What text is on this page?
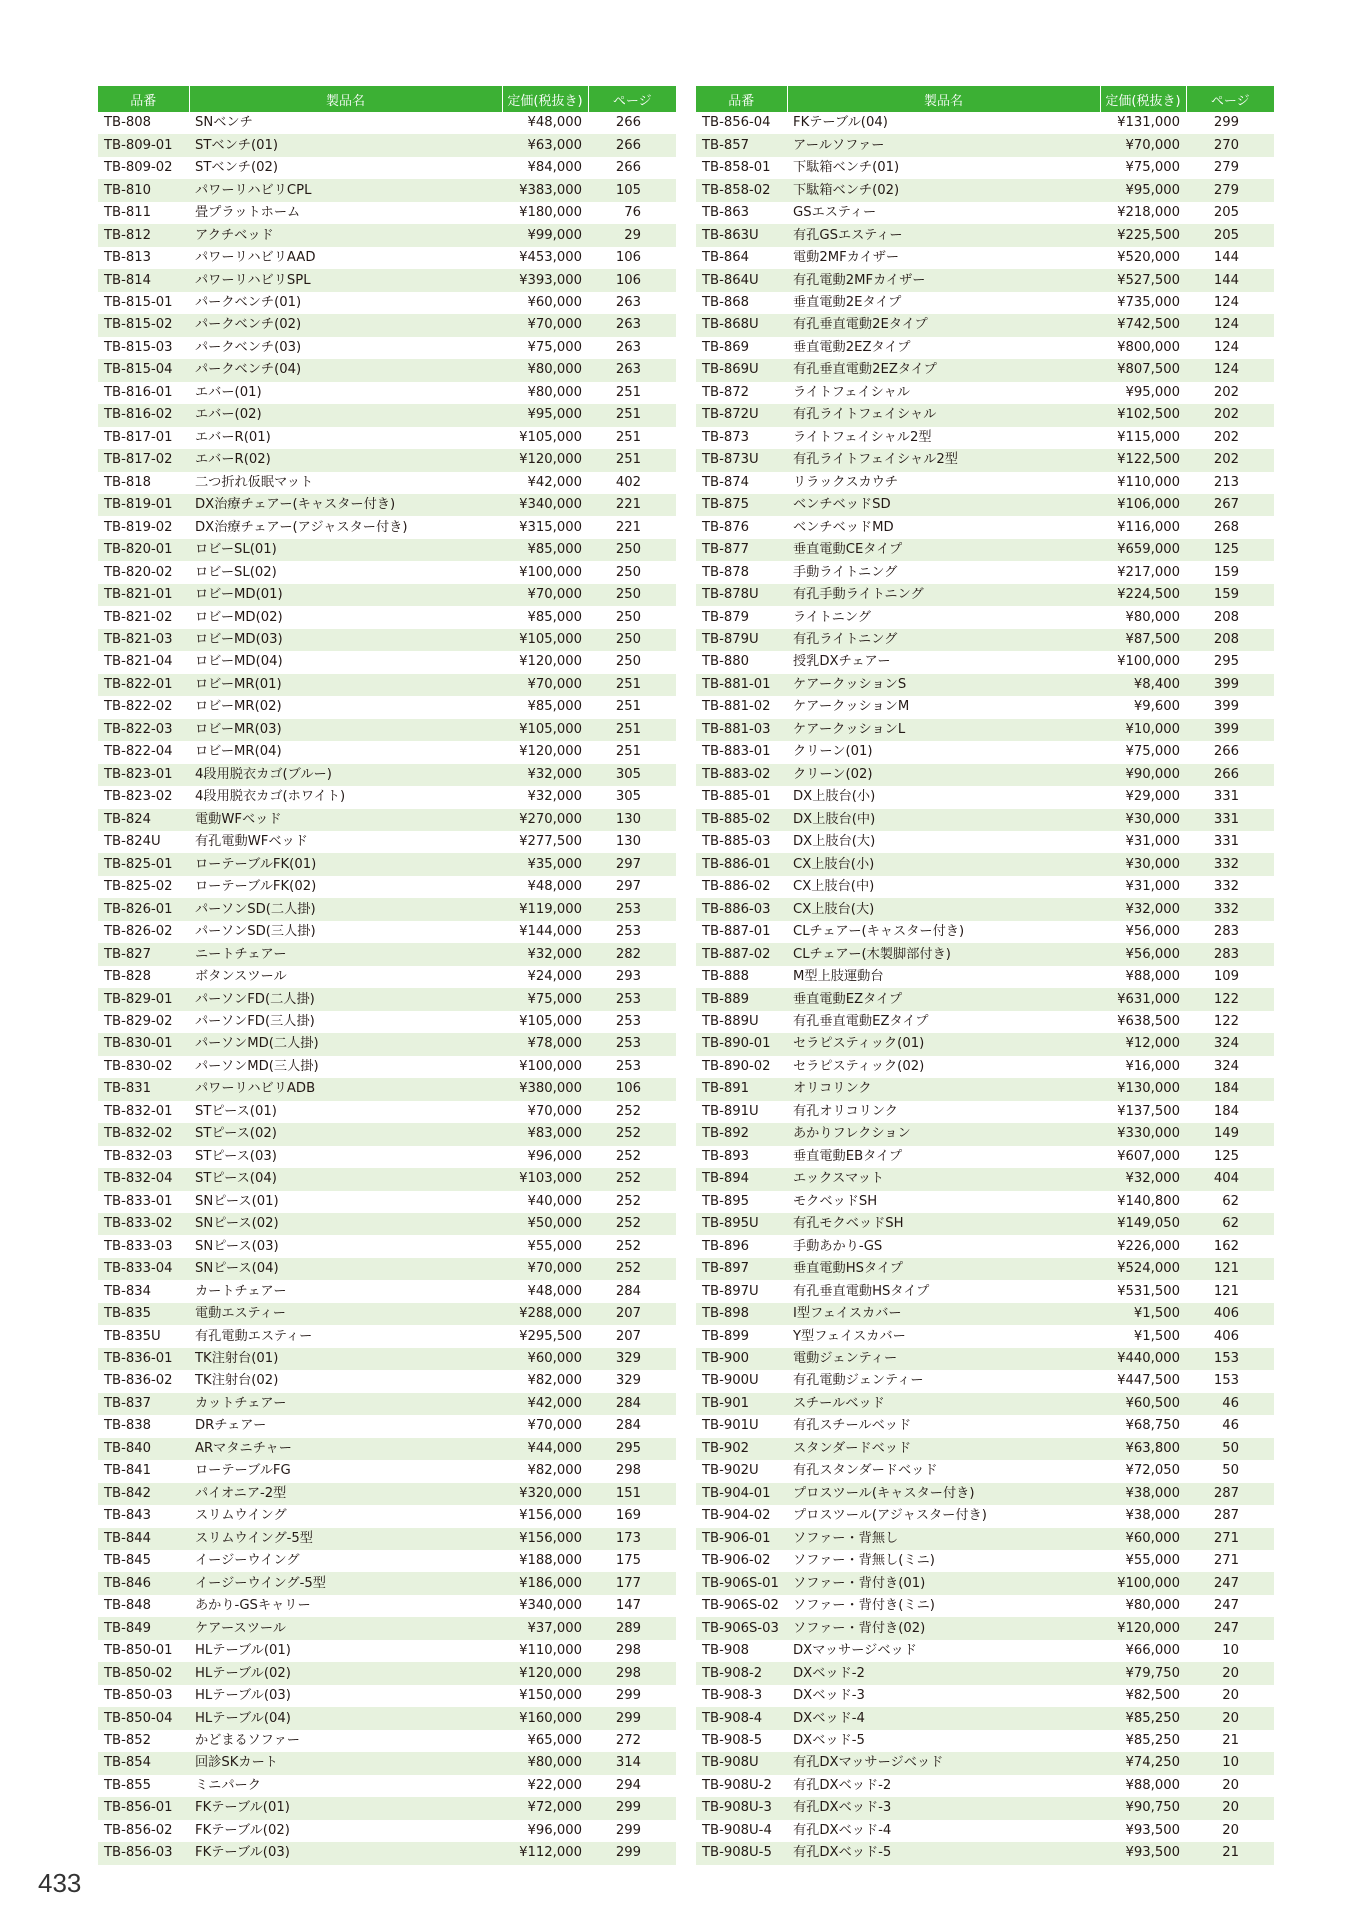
品番	製品名	定価(税抜き)	ページ
TB-808	SNベンチ	¥48,000	266
TB-809-01	STベンチ(01)	¥63,000	266
TB-809-02	STベンチ(02)	¥84,000	266
TB-810	パワーリハビリCPL	¥383,000	105
TB-811	畳プラットホーム	¥180,000	76
TB-812	アクチベッド	¥99,000	29
TB-813	パワーリハビリAAD	¥453,000	106
TB-814	パワーリハビリSPL	¥393,000	106
TB-815-01	パークベンチ(01)	¥60,000	263
TB-815-02	パークベンチ(02)	¥70,000	263
TB-815-03	パークベンチ(03)	¥75,000	263
TB-815-04	パークベンチ(04)	¥80,000	263
TB-816-01	エバー(01)	¥80,000	251
TB-816-02	エバー(02)	¥95,000	251
TB-817-01	エバーR(01)	¥105,000	251
TB-817-02	エバーR(02)	¥120,000	251
TB-818	二つ折れ仮眠マット	¥42,000	402
TB-819-01	DX治療チェアー(キャスター付き)	¥340,000	221
TB-819-02	DX治療チェアー(アジャスター付き)	¥315,000	221
TB-820-01	ロビーSL(01)	¥85,000	250
TB-820-02	ロビーSL(02)	¥100,000	250
TB-821-01	ロビーMD(01)	¥70,000	250
TB-821-02	ロビーMD(02)	¥85,000	250
TB-821-03	ロビーMD(03)	¥105,000	250
TB-821-04	ロビーMD(04)	¥120,000	250
TB-822-01	ロビーMR(01)	¥70,000	251
TB-822-02	ロビーMR(02)	¥85,000	251
TB-822-03	ロビーMR(03)	¥105,000	251
TB-822-04	ロビーMR(04)	¥120,000	251
TB-823-01	4段用脱衣カゴ(ブルー)	¥32,000	305
TB-823-02	4段用脱衣カゴ(ホワイト)	¥32,000	305
TB-824	電動WFベッド	¥270,000	130
TB-824U	有孔電動WFベッド	¥277,500	130
TB-825-01	ローテーブルFK(01)	¥35,000	297
TB-825-02	ローテーブルFK(02)	¥48,000	297
TB-826-01	パーソンSD(二人掛)	¥119,000	253
TB-826-02	パーソンSD(三人掛)	¥144,000	253
TB-827	ニートチェアー	¥32,000	282
TB-828	ボタンスツール	¥24,000	293
TB-829-01	パーソンFD(二人掛)	¥75,000	253
TB-829-02	パーソンFD(三人掛)	¥105,000	253
TB-830-01	パーソンMD(二人掛)	¥78,000	253
TB-830-02	パーソンMD(三人掛)	¥100,000	253
TB-831	パワーリハビリADB	¥380,000	106
TB-832-01	STピース(01)	¥70,000	252
TB-832-02	STピース(02)	¥83,000	252
TB-832-03	STピース(03)	¥96,000	252
TB-832-04	STピース(04)	¥103,000	252
TB-833-01	SNピース(01)	¥40,000	252
TB-833-02	SNピース(02)	¥50,000	252
TB-833-03	SNピース(03)	¥55,000	252
TB-833-04	SNピース(04)	¥70,000	252
TB-834	カートチェアー	¥48,000	284
TB-835	電動エスティー	¥288,000	207
TB-835U	有孔電動エスティー	¥295,500	207
TB-836-01	TK注射台(01)	¥60,000	329
TB-836-02	TK注射台(02)	¥82,000	329
TB-837	カットチェアー	¥42,000	284
TB-838	DRチェアー	¥70,000	284
TB-840	ARマタニチャー	¥44,000	295
TB-841	ローテーブルFG	¥82,000	298
TB-842	パイオニア-2型	¥320,000	151
TB-843	スリムウイング	¥156,000	169
TB-844	スリムウイング-5型	¥156,000	173
TB-845	イージーウイング	¥188,000	175
TB-846	イージーウイング-5型	¥186,000	177
TB-848	あかり-GSキャリー	¥340,000	147
TB-849	ケアースツール	¥37,000	289
TB-850-01	HLテーブル(01)	¥110,000	298
TB-850-02	HLテーブル(02)	¥120,000	298
TB-850-03	HLテーブル(03)	¥150,000	299
TB-850-04	HLテーブル(04)	¥160,000	299
TB-852	かどまるソファー	¥65,000	272
TB-854	回診SKカート	¥80,000	314
TB-855	ミニパーク	¥22,000	294
TB-856-01	FKテーブル(01)	¥72,000	299
TB-856-02	FKテーブル(02)	¥96,000	299
TB-856-03	FKテーブル(03)	¥112,000	299
品番	製品名	定価(税抜き)	ページ
TB-856-04	FKテーブル(04)	¥131,000	299
TB-857	アールソファー	¥70,000	270
TB-858-01	下駄箱ベンチ(01)	¥75,000	279
TB-858-02	下駄箱ベンチ(02)	¥95,000	279
TB-863	GSエスティー	¥218,000	205
TB-863U	有孔GSエスティー	¥225,500	205
TB-864	電動2MFカイザー	¥520,000	144
TB-864U	有孔電動2MFカイザー	¥527,500	144
TB-868	垂直電動2Eタイプ	¥735,000	124
TB-868U	有孔垂直電動2Eタイプ	¥742,500	124
TB-869	垂直電動2EZタイプ	¥800,000	124
TB-869U	有孔垂直電動2EZタイプ	¥807,500	124
TB-872	ライトフェイシャル	¥95,000	202
TB-872U	有孔ライトフェイシャル	¥102,500	202
TB-873	ライトフェイシャル2型	¥115,000	202
TB-873U	有孔ライトフェイシャル2型	¥122,500	202
TB-874	リラックスカウチ	¥110,000	213
TB-875	ベンチベッドSD	¥106,000	267
TB-876	ベンチベッドMD	¥116,000	268
TB-877	垂直電動CEタイプ	¥659,000	125
TB-878	手動ライトニング	¥217,000	159
TB-878U	有孔手動ライトニング	¥224,500	159
TB-879	ライトニング	¥80,000	208
TB-879U	有孔ライトニング	¥87,500	208
TB-880	授乳DXチェアー	¥100,000	295
TB-881-01	ケアークッションS	¥8,400	399
TB-881-02	ケアークッションM	¥9,600	399
TB-881-03	ケアークッションL	¥10,000	399
TB-883-01	クリーン(01)	¥75,000	266
TB-883-02	クリーン(02)	¥90,000	266
TB-885-01	DX上肢台(小)	¥29,000	331
TB-885-02	DX上肢台(中)	¥30,000	331
TB-885-03	DX上肢台(大)	¥31,000	331
TB-886-01	CX上肢台(小)	¥30,000	332
TB-886-02	CX上肢台(中)	¥31,000	332
TB-886-03	CX上肢台(大)	¥32,000	332
TB-887-01	CLチェアー(キャスター付き)	¥56,000	283
TB-887-02	CLチェアー(木製脚部付き)	¥56,000	283
TB-888	M型上肢運動台	¥88,000	109
TB-889	垂直電動EZタイプ	¥631,000	122
TB-889U	有孔垂直電動EZタイプ	¥638,500	122
TB-890-01	セラピスティック(01)	¥12,000	324
TB-890-02	セラピスティック(02)	¥16,000	324
TB-891	オリコリンク	¥130,000	184
TB-891U	有孔オリコリンク	¥137,500	184
TB-892	あかりフレクション	¥330,000	149
TB-893	垂直電動EBタイプ	¥607,000	125
TB-894	エックスマット	¥32,000	404
TB-895	モクベッドSH	¥140,800	62
TB-895U	有孔モクベッドSH	¥149,050	62
TB-896	手動あかり-GS	¥226,000	162
TB-897	垂直電動HSタイプ	¥524,000	121
TB-897U	有孔垂直電動HSタイプ	¥531,500	121
TB-898	I型フェイスカバー	¥1,500	406
TB-899	Y型フェイスカバー	¥1,500	406
TB-900	電動ジェンティー	¥440,000	153
TB-900U	有孔電動ジェンティー	¥447,500	153
TB-901	スチールベッド	¥60,500	46
TB-901U	有孔スチールベッド	¥68,750	46
TB-902	スタンダードベッド	¥63,800	50
TB-902U	有孔スタンダードベッド	¥72,050	50
TB-904-01	プロスツール(キャスター付き)	¥38,000	287
TB-904-02	プロスツール(アジャスター付き)	¥38,000	287
TB-906-01	ソファー・背無し	¥60,000	271
TB-906-02	ソファー・背無し(ミニ)	¥55,000	271
TB-906S-01	ソファー・背付き(01)	¥100,000	247
TB-906S-02	ソファー・背付き(ミニ)	¥80,000	247
TB-906S-03	ソファー・背付き(02)	¥120,000	247
TB-908	DXマッサージベッド	¥66,000	10
TB-908-2	DXベッド-2	¥79,750	20
TB-908-3	DXベッド-3	¥82,500	20
TB-908-4	DXベッド-4	¥85,250	20
TB-908-5	DXベッド-5	¥85,250	21
TB-908U	有孔DXマッサージベッド	¥74,250	10
TB-908U-2	有孔DXベッド-2	¥88,000	20
TB-908U-3	有孔DXベッド-3	¥90,750	20
TB-908U-4	有孔DXベッド-4	¥93,500	20
TB-908U-5	有孔DXベッド-5	¥93,500	21
433
